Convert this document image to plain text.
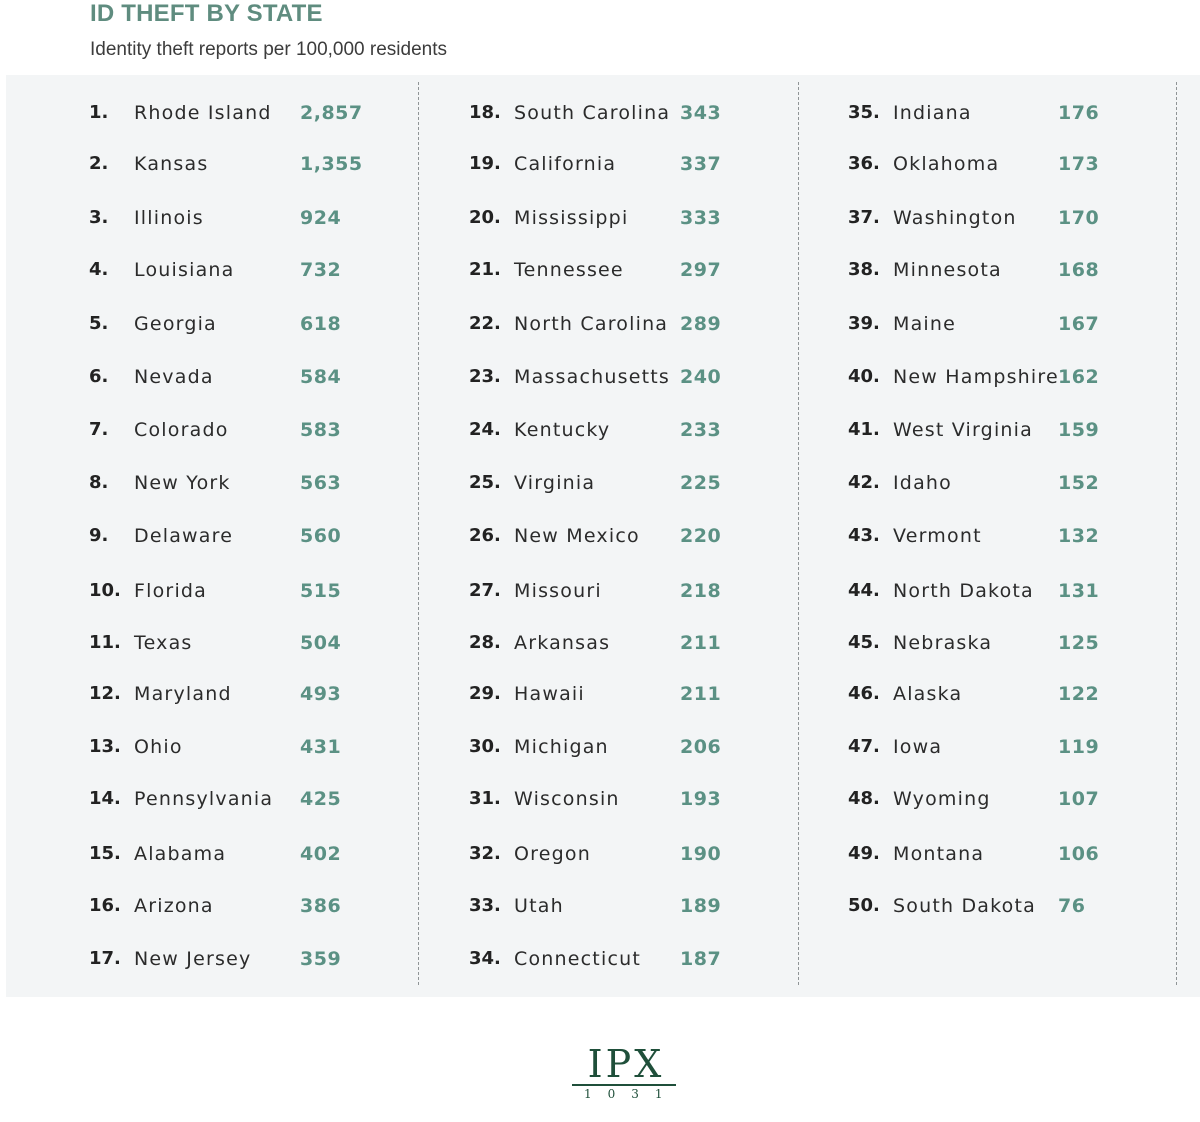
ID THEFT BY STATE
Identity theft reports per 100,000 residents
1. Rhode Island 2,857
2. Kansas	1,355
3. Illinois	924
4. Louisiana	732
5. Georgia	618
6. Nevada	584
7. Colorado	583
8. New York	563
9. Delaware	560
10. Florida	515
11. Texas	504
12. Maryland	493
13. Ohio	431
14. Pennsylvania 425
15. Alabama	402
16. Arizona	386
17. New Jersey	359
18. South Carolina 343
19. California	337
20. Mississippi	333
21. Tennessee	297
22. North Carolina 289
23. Massachusetts 240
24. Kentucky	233
25. Virginia	225
26. New Mexico 220
27. Missouri	218
28. Arkansas	211
29. Hawaii	211
30. Michigan	206
31. Wisconsin	193
32. Oregon	190
33. Utah	189
34. Connecticut 187
35. Indiana	176
36. Oklahoma	173
37. Washington 170
38. Minnesota	168
39. Maine	167
40. New Hampshire 162
41. West Virginia 159
42. Idaho	152
43. Vermont	132
44. North Dakota 131
45. Nebraska	125
46. Alaska	122
47. Iowa	119
48. Wyoming	107
49. Montana	106
50. South Dakota 76
IPX
1031
